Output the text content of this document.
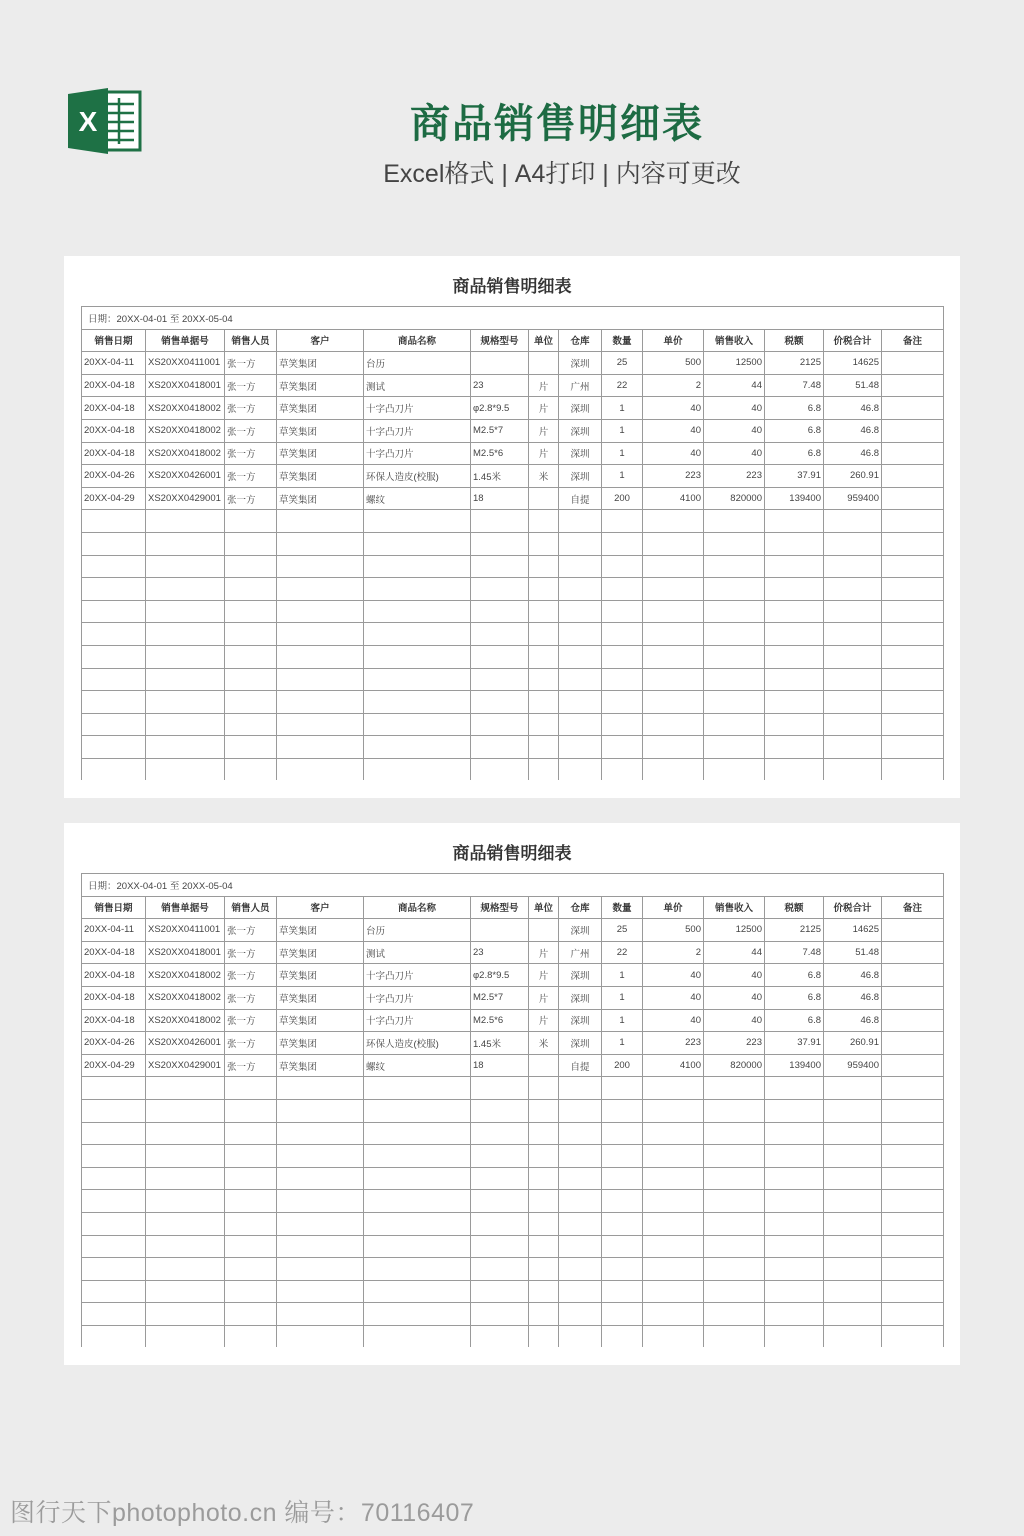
X	商品销售明细表
Excel格式 | A4打印 | 内容可更改
商品销售明细表
日期：20XX-04-01 至 20XX-05-04													
销售日期	销售单据号	销售人员	客户	商品名称	规格型号	单位	仓库	数量	单价	销售收入	税额	价税合计	备注
20XX-04-11	XS20XX0411001	张一方	草笑集团	台历			深圳	25	500	12500	2125	14625	
20XX-04-18	XS20XX0418001	张一方	草笑集团	测试	23	片	广州	22	2	44	7.48	51.48	
20XX-04-18	XS20XX0418002	张一方	草笑集团	十字凸刀片	φ2.8*9.5	片	深圳	1	40	40	6.8	46.8	
20XX-04-18	XS20XX0418002	张一方	草笑集团	十字凸刀片	M2.5*7	片	深圳	1	40	40	6.8	46.8	
20XX-04-18	XS20XX0418002	张一方	草笑集团	十字凸刀片	M2.5*6	片	深圳	1	40	40	6.8	46.8	
20XX-04-26	XS20XX0426001	张一方	草笑集团	环保人造皮(校服)	1.45米	米	深圳	1	223	223	37.91	260.91	
20XX-04-29	XS20XX0429001	张一方	草笑集团	螺纹	18		自提	200	4100	820000	139400	959400	

商品销售明细表
日期：20XX-04-01 至 20XX-05-04													
销售日期	销售单据号	销售人员	客户	商品名称	规格型号	单位	仓库	数量	单价	销售收入	税额	价税合计	备注
20XX-04-11	XS20XX0411001	张一方	草笑集团	台历			深圳	25	500	12500	2125	14625	
20XX-04-18	XS20XX0418001	张一方	草笑集团	测试	23	片	广州	22	2	44	7.48	51.48	
20XX-04-18	XS20XX0418002	张一方	草笑集团	十字凸刀片	φ2.8*9.5	片	深圳	1	40	40	6.8	46.8	
20XX-04-18	XS20XX0418002	张一方	草笑集团	十字凸刀片	M2.5*7	片	深圳	1	40	40	6.8	46.8	
20XX-04-18	XS20XX0418002	张一方	草笑集团	十字凸刀片	M2.5*6	片	深圳	1	40	40	6.8	46.8	
20XX-04-26	XS20XX0426001	张一方	草笑集团	环保人造皮(校服)	1.45米	米	深圳	1	223	223	37.91	260.91	
20XX-04-29	XS20XX0429001	张一方	草笑集团	螺纹	18		自提	200	4100	820000	139400	959400	

图行天下photophoto.cn 编号：70116407
